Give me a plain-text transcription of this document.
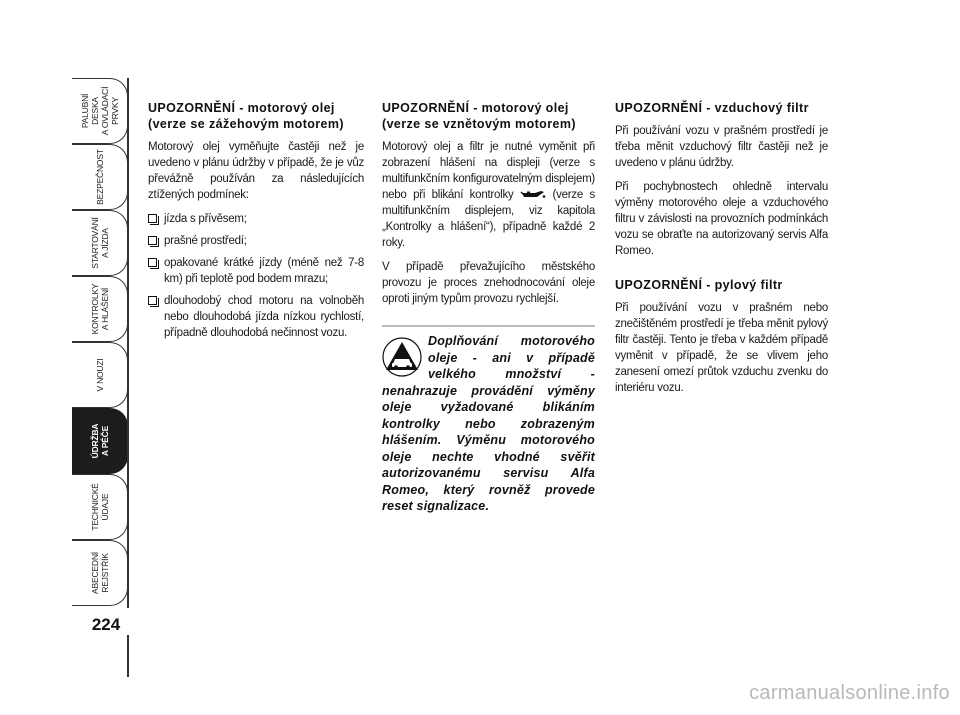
PALUBNÍ DESKA
A OVLÁDACÍ PRVKY
BEZPEČNOST
STARTOVÁNÍ
A JÍZDA
KONTROLKY
A HLÁŠENÍ
V NOUZI
ÚDRŽBA
A PÉČE
TECHNICKÉ ÚDAJE
ABECEDNÍ
REJSTŘÍK
224
UPOZORNĚNÍ - motorový olej (verze se zážehovým motorem)

Motorový olej vyměňujte častěji než je uvedeno v plánu údržby v případě, že je vůz převážně používán za následujících ztížených podmínek:

jízda s přívěsem;
prašné prostředí;
opakované krátké jízdy (méně než 7-8 km) při teplotě pod bodem mrazu;
dlouhodobý chod motoru na volnoběh nebo dlouhodobá jízda nízkou rychlostí, případně dlouhodobá nečinnost vozu.
UPOZORNĚNÍ - motorový olej (verze se vznětovým motorem)

Motorový olej a filtr je nutné vyměnit při zobrazení hlášení na displeji (verze s multifunkčním konfigurovatelným displejem) nebo při blikání kontrolky	(verze s multifunkčním displejem, viz kapitola „Kontrolky a hlášení“), případně každé 2 roky.

V případě převažujícího městského provozu je proces znehodnocování oleje oproti jiným typům provozu rychlejší.

Doplňování motorového oleje - ani v případě velkého množství - nenahrazuje provádění výměny oleje vyžadované blikáním kontrolky nebo zobrazeným hlášením. Výměnu motorového oleje nechte vhodné svěřit autorizovanému servisu Alfa Romeo, který rovněž provede reset signalizace.
UPOZORNĚNÍ - vzduchový filtr

Při používání vozu v prašném prostředí je třeba měnit vzduchový filtr častěji než je uvedeno v plánu údržby.

Při pochybnostech ohledně intervalu výměny motorového oleje a vzduchového filtru v závislosti na provozních podmínkách vozu se obraťte na autorizovaný servis Alfa Romeo.

UPOZORNĚNÍ - pylový filtr

Při používání vozu v prašném nebo znečištěném prostředí je třeba měnit pylový filtr častěji. Tento je třeba v každém případě vyměnit v případě, že se vlivem jeho zanesení omezí průtok vzduchu zvenku do interiéru vozu.

carmanualsonline.info
